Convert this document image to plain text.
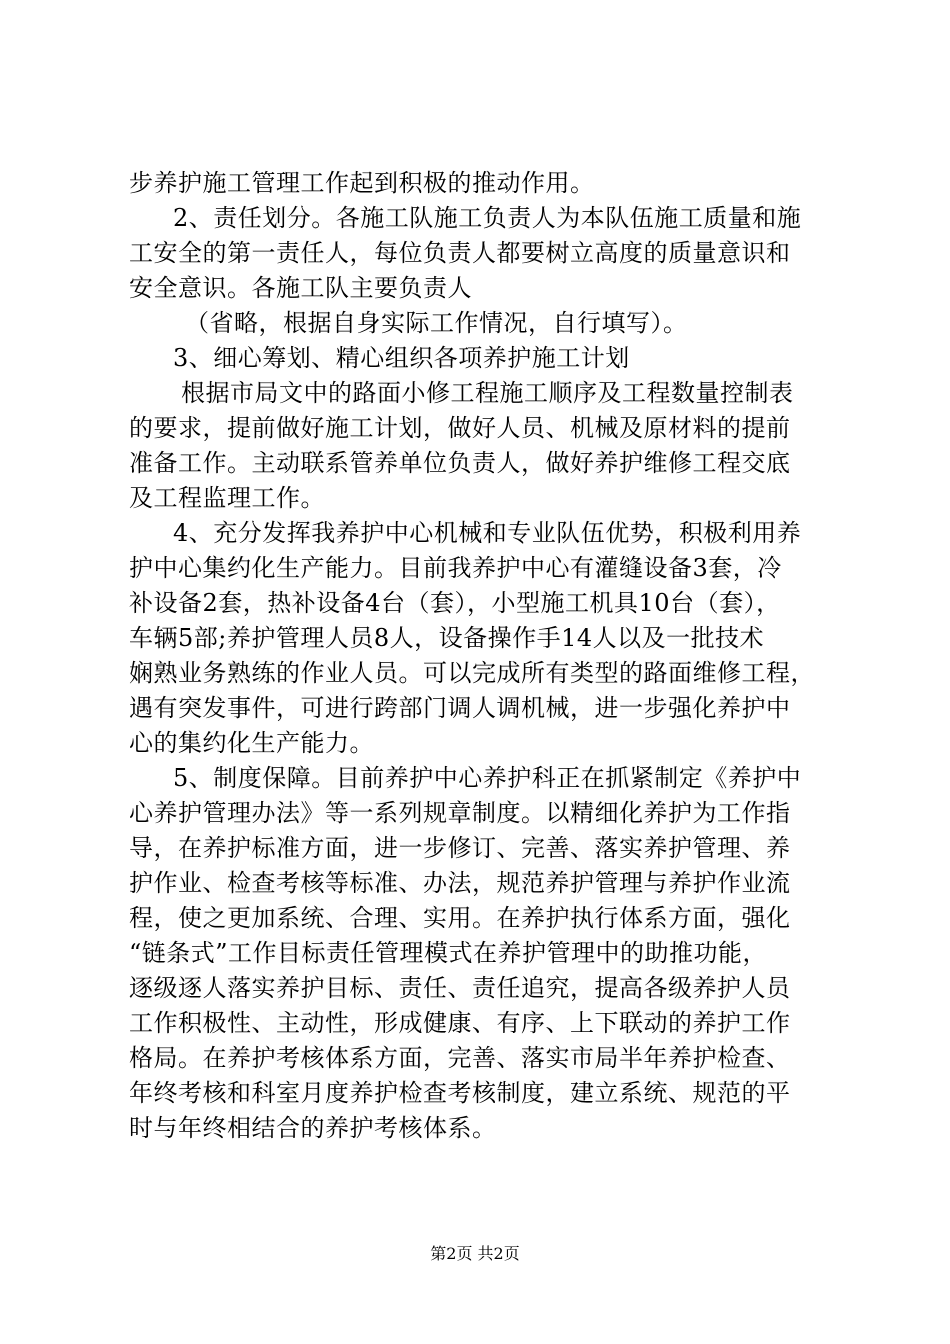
步养护施工管理工作起到积极的推动作用。
2、责任划分。各施工队施工负责人为本队伍施工质量和施
工安全的第一责任人，每位负责人都要树立高度的质量意识和
安全意识。各施工队主要负责人
（省略，根据自身实际工作情况，自行填写）。
3、细心筹划、精心组织各项养护施工计划
根据市局文中的路面小修工程施工顺序及工程数量控制表
的要求，提前做好施工计划，做好人员、机械及原材料的提前
准备工作。主动联系管养单位负责人，做好养护维修工程交底
及工程监理工作。
4、充分发挥我养护中心机械和专业队伍优势，积极利用养
护中心集约化生产能力。目前我养护中心有灌缝设备3套，冷
补设备2套，热补设备4台（套），小型施工机具10台（套），
车辆5部;养护管理人员8人，设备操作手14人以及一批技术
娴熟业务熟练的作业人员。可以完成所有类型的路面维修工程，
遇有突发事件，可进行跨部门调人调机械，进一步强化养护中
心的集约化生产能力。
5、制度保障。目前养护中心养护科正在抓紧制定《养护中
心养护管理办法》等一系列规章制度。以精细化养护为工作指
导，在养护标准方面，进一步修订、完善、落实养护管理、养
护作业、检查考核等标准、办法，规范养护管理与养护作业流
程，使之更加系统、合理、实用。在养护执行体系方面，强化
“链条式”工作目标责任管理模式在养护管理中的助推功能，
逐级逐人落实养护目标、责任、责任追究，提高各级养护人员
工作积极性、主动性，形成健康、有序、上下联动的养护工作
格局。在养护考核体系方面，完善、落实市局半年养护检查、
年终考核和科室月度养护检查考核制度，建立系统、规范的平
时与年终相结合的养护考核体系。
第2页 共2页
